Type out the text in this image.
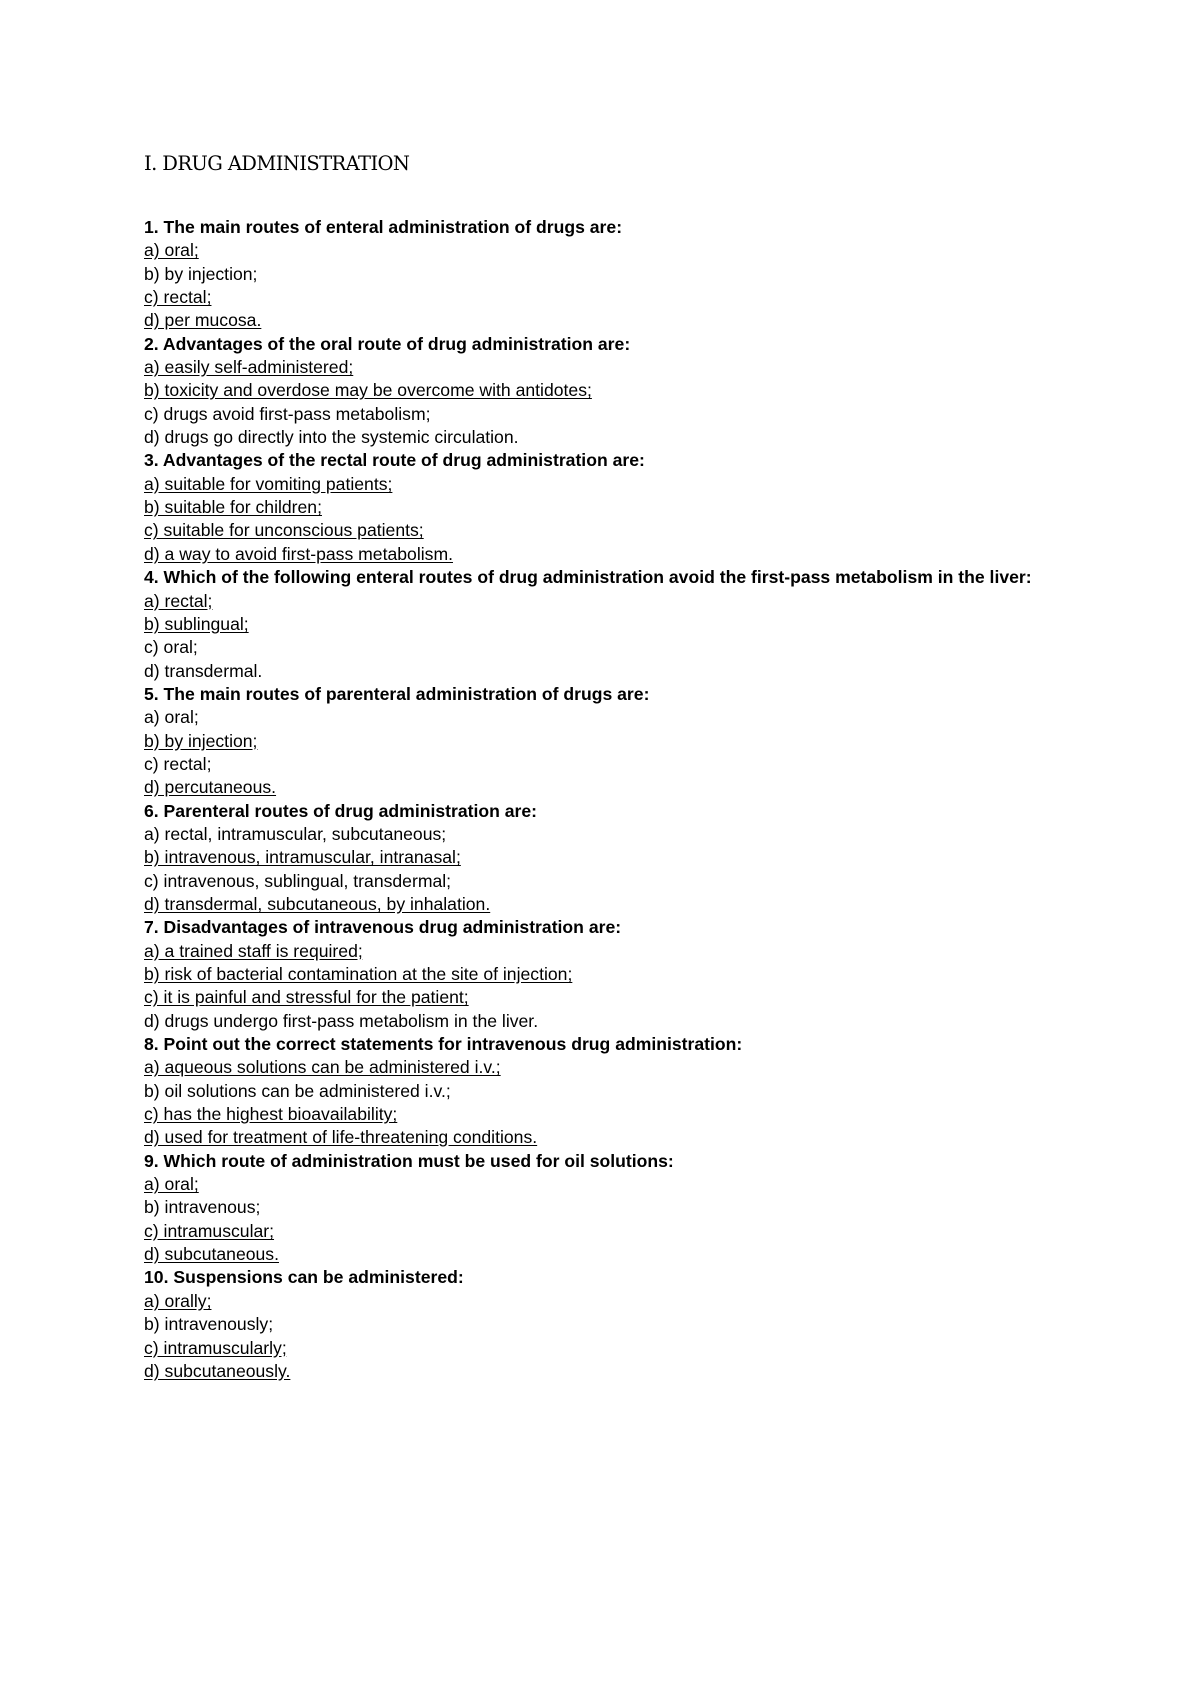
I. DRUG ADMINISTRATION

1. The main routes of enteral administration of drugs are:

a) oral;

b) by injection;

c) rectal;

d) per mucosa.

2. Advantages of the oral route of drug administration are:

a) easily self-administered;

b) toxicity and overdose may be overcome with antidotes;

c) drugs avoid first-pass metabolism;

d) drugs go directly into the systemic circulation.

3. Advantages of the rectal route of drug administration are:

a) suitable for vomiting patients;

b) suitable for children;

c) suitable for unconscious patients;

d) a way to avoid first-pass metabolism.

4. Which of the following enteral routes of drug administration avoid the first-pass metabolism in the liver:

a) rectal;

b) sublingual;

c) oral;

d) transdermal.

5. The main routes of parenteral administration of drugs are:

a) oral;

b) by injection;

c) rectal;

d) percutaneous.

6. Parenteral routes of drug administration are:

a) rectal, intramuscular, subcutaneous;

b) intravenous, intramuscular, intranasal;

c) intravenous, sublingual, transdermal;

d) transdermal, subcutaneous, by inhalation.

7. Disadvantages of intravenous drug administration are:

a) a trained staff is required;

b) risk of bacterial contamination at the site of injection;

c) it is painful and stressful for the patient;

d) drugs undergo first-pass metabolism in the liver.

8. Point out the correct statements for intravenous drug administration:

a) aqueous solutions can be administered i.v.;

b) oil solutions can be administered i.v.;

c) has the highest bioavailability;

d) used for treatment of life-threatening conditions.

9. Which route of administration must be used for oil solutions:

a) oral;

b) intravenous;

c) intramuscular;

d) subcutaneous.

10. Suspensions can be administered:

a) orally;

b) intravenously;

c) intramuscularly;

d) subcutaneously.
